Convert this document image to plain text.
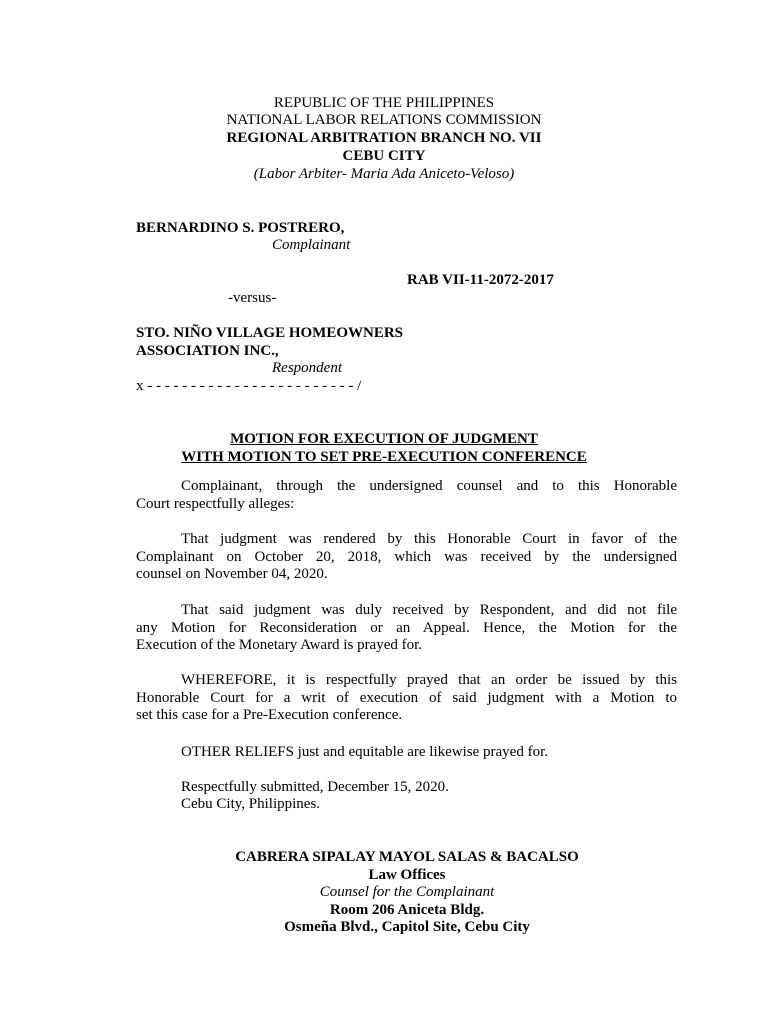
REPUBLIC OF THE PHILIPPINES
NATIONAL LABOR RELATIONS COMMISSION
REGIONAL ARBITRATION BRANCH NO. VII
CEBU CITY
(Labor Arbiter- Maria Ada Aniceto-Veloso)
BERNARDINO S. POSTRERO,
Complainant
RAB VII-11-2072-2017
-versus-
STO. NIÑO VILLAGE HOMEOWNERS
ASSOCIATION INC.,
Respondent
x - - - - - - - - - - - - - - - - - - - - - - - - /
MOTION FOR EXECUTION OF JUDGMENT
WITH MOTION TO SET PRE-EXECUTION CONFERENCE
Complainant, through the undersigned counsel and to this Honorable
Court respectfully alleges:
That judgment was rendered by this Honorable Court in favor of the
Complainant on October 20, 2018, which was received by the undersigned
counsel on November 04, 2020.
That said judgment was duly received by Respondent, and did not file
any Motion for Reconsideration or an Appeal. Hence, the Motion for the
Execution of the Monetary Award is prayed for.
WHEREFORE, it is respectfully prayed that an order be issued by this
Honorable Court for a writ of execution of said judgment with a Motion to
set this case for a Pre-Execution conference.
OTHER RELIEFS just and equitable are likewise prayed for.
Respectfully submitted, December 15, 2020.
Cebu City, Philippines.
CABRERA SIPALAY MAYOL SALAS & BACALSO
Law Offices
Counsel for the Complainant
Room 206 Aniceta Bldg.
Osmeña Blvd., Capitol Site, Cebu City
